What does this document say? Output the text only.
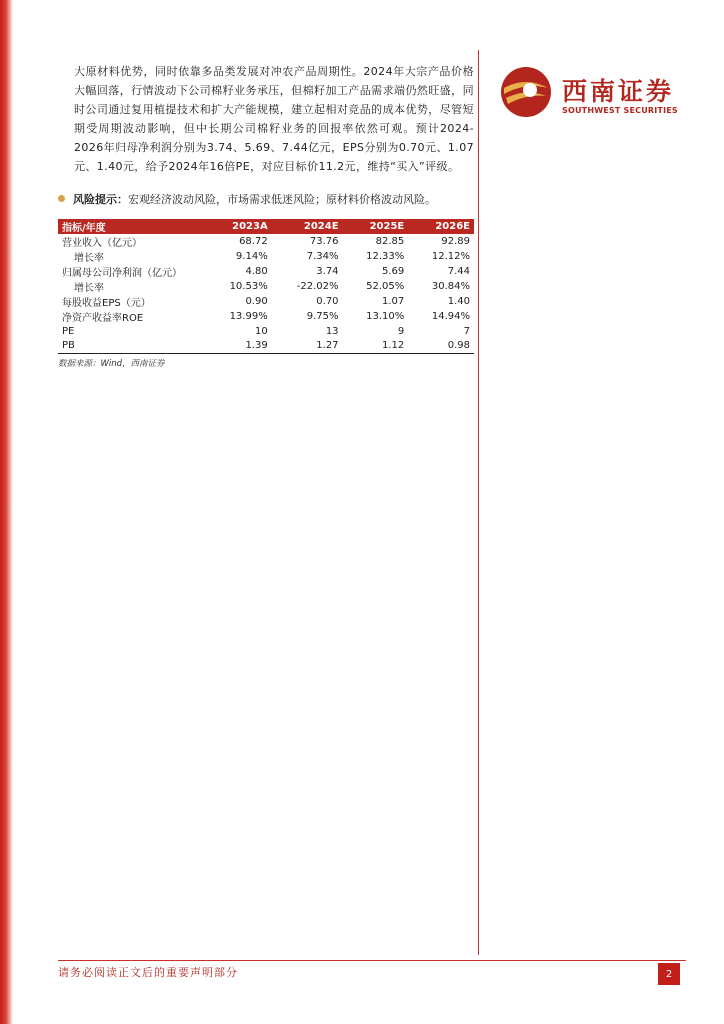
大原材料优势，同时依靠多品类发展对冲农产品周期性。2024年大宗产品价格大幅回落，行情波动下公司棉籽业务承压，但棉籽加工产品需求端仍然旺盛，同时公司通过复用植提技术和扩大产能规模，建立起相对竞品的成本优势，尽管短期受周期波动影响，但中长期公司棉籽业务的回报率依然可观。预计2024-2026年归母净利润分别为3.74、5.69、7.44亿元，EPS分别为0.70元、1.07元、1.40元，给予2024年16倍PE，对应目标价11.2元，维持“买入”评级。
风险提示：宏观经济波动风险，市场需求低迷风险；原材料价格波动风险。
指标/年度	2023A	2024E	2025E	2026E
营业收入（亿元）	68.72	73.76	82.85	92.89
增长率	9.14%	7.34%	12.33%	12.12%
归属母公司净利润（亿元）	4.80	3.74	5.69	7.44
增长率	10.53%	-22.02%	52.05%	30.84%
每股收益EPS（元）	0.90	0.70	1.07	1.40
净资产收益率ROE	13.99%	9.75%	13.10%	14.94%
PE	10	13	9	7
PB	1.39	1.27	1.12	0.98
数据来源：Wind，西南证券
西南证券
SOUTHWEST SECURITIES
请务必阅读正文后的重要声明部分	2
